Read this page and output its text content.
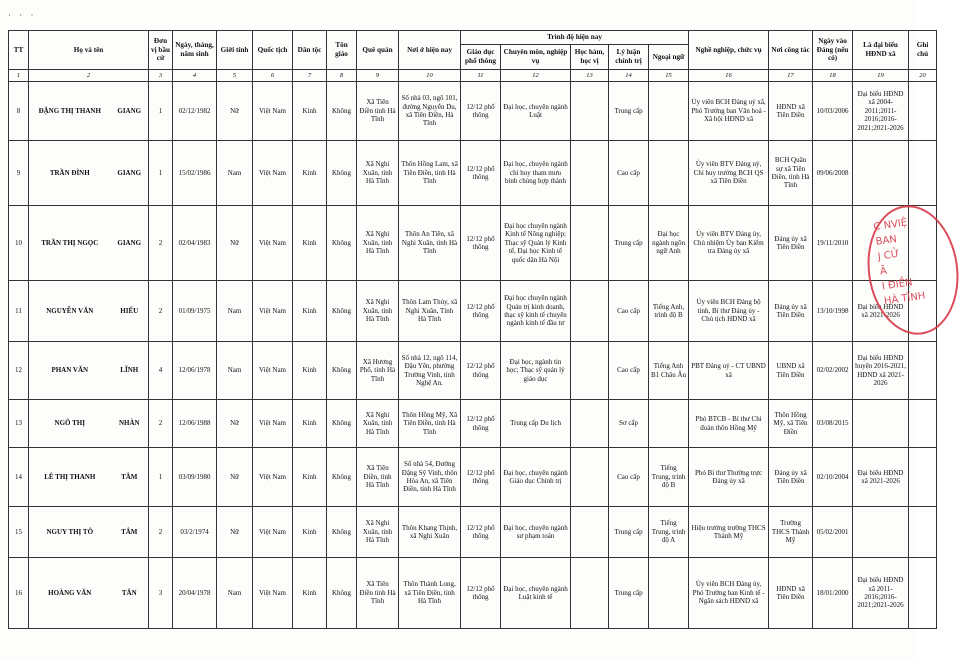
· · ·
TT	Họ và tên		Đơn vị bầu cử	Ngày, tháng, năm sinh	Giới tính	Quốc tịch	Dân tộc	Tôn giáo	Quê quán	Nơi ở hiện nay	Trình độ hiện nay					Nghề nghiệp, chức vụ	Nơi công tác	Ngày vào Đảng (nếu có)	Là đại biểu HĐND xã	Ghi chú
											Giáo dục phổ thông	Chuyên môn, nghiệp vụ	Học hàm, học vị	Lý luận chính trị	Ngoại ngữ					
1	2		3	4	5	6	7	8	9	10	11	12	13	14	15	16	17	18	19	20
8	ĐẶNG THỊ THANH	GIANG	1	02/12/1982	Nữ	Việt Nam	Kinh	Không	Xã Tiên Điền tỉnh Hà Tĩnh	Số nhà 03, ngõ 101, đường Nguyễn Du, xã Tiên Điền, Hà Tĩnh	12/12 phổ thông	Đại học, chuyên ngành Luật		Trung cấp		Ủy viên BCH Đảng uỷ xã, Phó Trưởng ban Văn hoá - Xã hội HĐND xã	HĐND xã Tiên Điền	10/03/2006	Đại biểu HĐND xã 2004-2011;2011-2016;2016-2021;2021-2026	
9	TRẦN ĐÌNH	GIANG	1	15/02/1986	Nam	Việt Nam	Kinh	Không	Xã Nghi Xuân, tỉnh Hà Tĩnh	Thôn Hồng Lam, xã Tiên Điền, tỉnh Hà Tĩnh	12/12 phổ thông	Đại học, chuyên ngành chỉ huy tham mưu binh chủng hợp thành		Cao cấp		Ủy viên BTV Đảng uỷ, Chỉ huy trưởng BCH QS xã Tiên Điền	BCH Quân sự xã Tiên Điền, tỉnh Hà Tĩnh	09/06/2008		
10	TRẦN THỊ NGỌC	GIANG	2	02/04/1983	Nữ	Việt Nam	Kinh	Không	Xã Nghi Xuân, tỉnh Hà Tĩnh	Thôn An Tiên, xã Nghi Xuân, tỉnh Hà Tĩnh	12/12 phổ thông	Đại học chuyên ngành Kinh tế Nông nghiệp; Thạc sỹ Quản lý Kinh tế, Đại học Kinh tế quốc dân Hà Nội		Trung cấp	Đại học ngành ngôn ngữ Anh	Ủy viên BTV Đảng ủy, Chủ nhiệm Ủy ban Kiểm tra Đảng ủy xã	Đảng ủy xã Tiên Điền	19/11/2010		
11	NGUYỄN VĂN	HIẾU	2	01/09/1975	Nam	Việt Nam	Kinh	Không	Xã Nghi Xuân, tỉnh Hà Tĩnh	Thôn Lam Thủy, xã Nghi Xuân, Tỉnh Hà Tĩnh	12/12 phổ thông	Đại học chuyên ngành Quản trị kinh doanh, thạc sỹ kinh tế chuyên ngành kinh tế đầu tư		Cao cấp	Tiếng Anh, trình độ B	Ủy viên BCH Đảng bộ tỉnh, Bí thư Đảng ủy - Chủ tịch HĐND xã	Đảng ủy xã Tiên Điền	13/10/1998	Đại biểu HĐND xã 2021-2026	
12	PHAN VĂN	LĨNH	4	12/06/1978	Nam	Việt Nam	Kinh	Không	Xã Hương Phố, tỉnh Hà Tĩnh	Số nhà 12, ngõ 114, Đậu Yên, phường Trường Vinh, tỉnh Nghệ An.	12/12 phổ thông	Đại học, ngành tin học; Thạc sỹ quản lý giáo dục		Cao cấp	Tiếng Anh B1 Châu Âu	PBT Đảng uỷ - CT UBND xã	UBND xã Tiên Điền	02/02/2002	Đại biểu HĐND huyện 2016-2021, HĐND xã 2021-2026	
13	NGÔ THỊ	NHÀN	2	12/06/1988	Nữ	Việt Nam	Kinh	Không	Xã Nghi Xuân, tỉnh Hà Tĩnh	Thôn Hồng Mỹ, Xã Tiên Điền, tỉnh Hà Tĩnh	12/12 phổ thông	Trung cấp Du lịch		Sơ cấp		Phó BTCB - Bí thư Chi đoàn thôn Hồng Mỹ	Thôn Hồng Mỹ, xã Tiên Điền	03/08/2015		
14	LÊ THỊ THANH	TÂM	1	03/09/1980	Nữ	Việt Nam	Kinh	Không	Xã Tiên Điền, tỉnh Hà Tĩnh	Số nhà 54, Đường Đặng Sỹ Vinh, thôn Hòa An, xã Tiên Điền, tỉnh Hà Tĩnh	12/12 phổ thông	Đại học, chuyên ngành Giáo dục Chính trị		Cao cấp	Tiếng Trung, trình độ B	Phó Bí thư Thường trực Đảng ủy xã	Đảng ủy xã Tiên Điền	02/10/2004	Đại biểu HĐND xã 2021-2026	
15	NGUY THỊ TÔ	TÂM	2	03/2/1974	Nữ	Việt Nam	Kinh	Không	Xã Nghi Xuân, tỉnh Hà Tĩnh	Thôn Khang Thịnh, xã Nghi Xuân	12/12 phổ thông	Đại học, chuyên ngành sư phạm toán		Trung cấp	Tiếng Trung, trình độ A	Hiệu trưởng trường THCS Thành Mỹ	Trường THCS Thành Mỹ	05/02/2001		
16	HOÀNG VĂN	TÂN	3	20/04/1978	Nam	Việt Nam	Kinh	Không	Xã Tiên Điền tỉnh Hà Tĩnh	Thôn Thành Long, xã Tiên Điền, tỉnh Hà Tĩnh	12/12 phổ thông	Đại học, chuyên ngành Luật kinh tế		Trung cấp		Ủy viên BCH Đảng ủy, Phó Trưởng ban Kinh tế - Ngân sách HĐND xã	HĐND xã Tiên Điền	18/01/2000	Đại biểu HĐND xã 2011-2016;2016-2021;2021-2026	
C NVIỆ
BAN
J CỬ
Ã
I ĐIỀN
HÀ TĨNH
